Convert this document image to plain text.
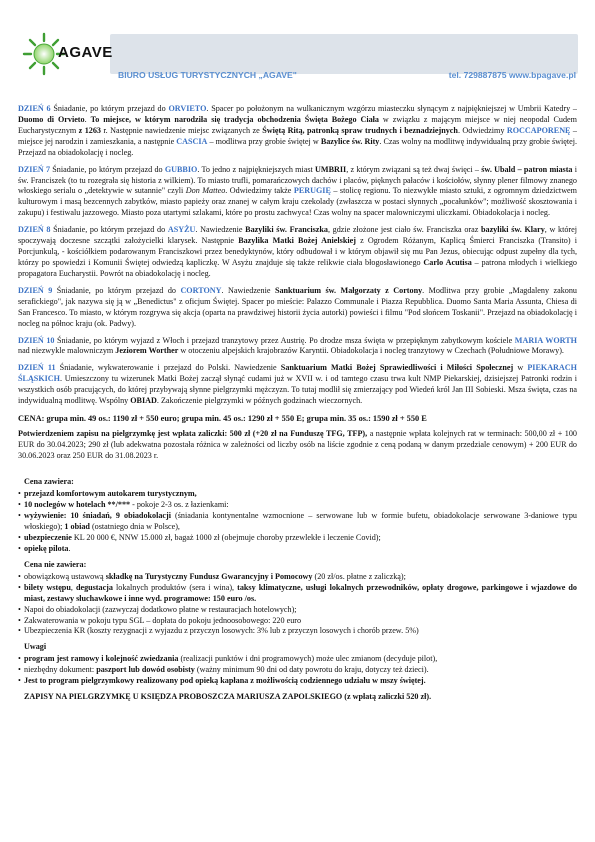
AGAVE
BIURO USŁUG TURYSTYCZNYCH „AGAVE"	tel. 729887875 www.bpagave.pl

DZIEŃ 6 Śniadanie, po którym przejazd do ORVIETO. Spacer po położonym na wulkanicznym wzgórzu miasteczku słynącym z najpiękniejszej w Umbrii Katedry – Duomo di Orvieto. To miejsce, w którym narodziła się tradycja obchodzenia Święta Bożego Ciała w związku z mającym miejsce w niej neopodal Cudem Eucharystycznym z 1263 r. Następnie nawiedzenie miejsc związanych ze Świętą Ritą, patronką spraw trudnych i beznadziejnych. Odwiedzimy ROCCAPORENĘ – miejsce jej narodzin i zamieszkania, a następnie CASCIA – modlitwa przy grobie świętej w Bazylice św. Rity. Czas wolny na modlitwę indywidualną przy grobie świętej. Przejazd na obiadokolację i nocleg.

DZIEŃ 7 Śniadanie, po którym przejazd do GUBBIO. To jedno z najpiękniejszych miast UMBRII, z którym związani są też dwaj święci – św. Ubald – patron miasta i św. Franciszek (to tu rozegrała się historia z wilkiem). To miasto trufli, pomarańczowych dachów i placów, pięknych pałaców i kościołów, słynny plener filmowy znanego włoskiego serialu o „detektywie w sutannie" czyli Don Matteo. Odwiedzimy także PERUGIĘ – stolicę regionu. To niezwykłe miasto sztuki, z ogromnym dziedzictwem kulturowym i masą bezcennych zabytków, miasto papieży oraz znanej w całym kraju czekolady (zwłaszcza w postaci słynnych „pocałunków"; możliwość skosztowania i zakupu) i festiwalu jazzowego. Miasto poza utartymi szlakami, które po prostu zachwyca! Czas wolny na spacer malowniczymi uliczkami. Obiadokolacja i nocleg.

DZIEŃ 8 Śniadanie, po którym przejazd do ASYŻU. Nawiedzenie Bazyliki św. Franciszka, gdzie złożone jest ciało św. Franciszka oraz bazyliki św. Klary, w której spoczywają doczesne szczątki założycielki klarysek. Następnie Bazylika Matki Bożej Anielskiej z Ogrodem Różanym, Kaplicą Śmierci Franciszka (Transito) i Porcjunkulą, - kościółkiem podarowanym Franciszkowi przez benedyktynów, który odbudował i w którym objawił się mu Pan Jezus, obiecując odpust zupełny dla tych, którzy po spowiedzi i Komunii Świętej odwiedzą kapliczkę. W Asyżu znajduje się także relikwie ciała błogosławionego Carlo Acutisa – patrona młodych i wielkiego propagatora Eucharystii. Powrót na obiadokolację i nocleg.

DZIEŃ 9 Śniadanie, po którym przejazd do CORTONY. Nawiedzenie Sanktuarium św. Małgorzaty z Cortony. Modlitwa przy grobie „Magdaleny zakonu serafickiego", jak nazywa się ją w „Benedictus" z oficjum Świętej. Spacer po mieście: Palazzo Communale i Piazza Repubblica. Duomo Santa Maria Assunta, Chiesa di San Francesco. To miasto, w którym rozgrywa się akcja (oparta na prawdziwej historii życia autorki) powieści i filmu "Pod słońcem Toskanii". Przejazd na obiadokolację i nocleg na północ kraju (ok. Padwy).

DZIEŃ 10 Śniadanie, po którym wyjazd z Włoch i przejazd tranzytowy przez Austrię. Po drodze msza święta w przepięknym zabytkowym kościele MARIA WORTH nad niezwykle malowniczym Jeziorem Worther w otoczeniu alpejskich krajobrazów Karyntii. Obiadokolacja i nocleg tranzytowy w Czechach (Południowe Morawy).

DZIEŃ 11 Śniadanie, wykwaterowanie i przejazd do Polski. Nawiedzenie Sanktuarium Matki Bożej Sprawiedliwości i Miłości Społecznej w PIEKARACH ŚLĄSKICH. Umieszczony tu wizerunek Matki Bożej zaczął słynąć cudami już w XVII w. i od tamtego czasu trwa kult NMP Piekarskiej, dzisiejszej Patronki rodzin i wszystkich osób pracujących, do której przybywają słynne pielgrzymki mężczyzn. To tutaj modlił się zmierzający pod Wiedeń król Jan III Sobieski. Msza święta, czas na indywidualną modlitwę. Wspólny OBIAD. Zakończenie pielgrzymki w późnych godzinach wieczornych.

CENA: grupa min. 49 os.: 1190 zł + 550 euro; grupa min. 45 os.: 1290 zł + 550 E; grupa min. 35 os.: 1590 zł + 550 E

Potwierdzeniem zapisu na pielgrzymkę jest wpłata zaliczki: 500 zł (+20 zł na Funduszę TFG, TFP), a następnie wpłata kolejnych rat w terminach: 500,00 zł + 100 EUR do 30.04.2023; 290 zł (lub adekwatna pozostała różnica w zależności od liczby osób na liście zgodnie z ceną podaną w danym przedziale cenowym) + 200 EUR do 30.06.2023 oraz 250 EUR do 31.08.2023 r.

Cena zawiera:
• przejazd komfortowym autokarem turystycznym,
• 10 noclegów w hotelach **/*** - pokoje 2-3 os. z łazienkami:
• wyżywienie: 10 śniadań, 9 obiadokolacji (śniadania kontynentalne wzmocnione – serwowane lub w formie bufetu, obiadokolacje serwowane 3-daniowe typu włoskiego); 1 obiad (ostatniego dnia w Polsce),
• ubezpieczenie KL 20 000 €, NNW 15.000 zł, bagaż 1000 zł (obejmuje choroby przewlekłe i leczenie Covid);
• opiekę pilota.
Cena nie zawiera:
• obowiązkową ustawową składkę na Turystyczny Fundusz Gwarancyjny i Pomocowy (20 zł/os. płatne z zaliczką);
• bilety wstępu, degustacja lokalnych produktów (sera i wina), taksy klimatyczne, usługi lokalnych przewodników, opłaty drogowe, parkingowe i wjazdowe do miast, zestawy słuchawkowe i inne wyd. programowe: 150 euro /os.
• Napoi do obiadokolacji (zazwyczaj dodatkowo płatne w restauracjach hotelowych);
• Zakwaterowania w pokoju typu SGL – dopłata do pokoju jednoosobowego: 220 euro
• Ubezpieczenia KR (koszty rezygnacji z wyjazdu z przyczyn losowych: 3% lub z przyczyn losowych i chorób przew. 5%)
Uwagi
• program jest ramowy i kolejność zwiedzania (realizacji punktów i dni programowych) może ulec zmianom (decyduje pilot),
• niezbędny dokument: paszport lub dowód osobisty (ważny minimum 90 dni od daty powrotu do kraju, dotyczy też dzieci).
• Jest to program pielgrzymkowy realizowany pod opieką kapłana z możliwością codziennego udziału w mszy świętej.
ZAPISY NA PIELGRZYMKĘ U KSIĘDZA PROBOSZCZA MARIUSZA ZAPOLSKIEGO (z wpłatą zaliczki 520 zł).
